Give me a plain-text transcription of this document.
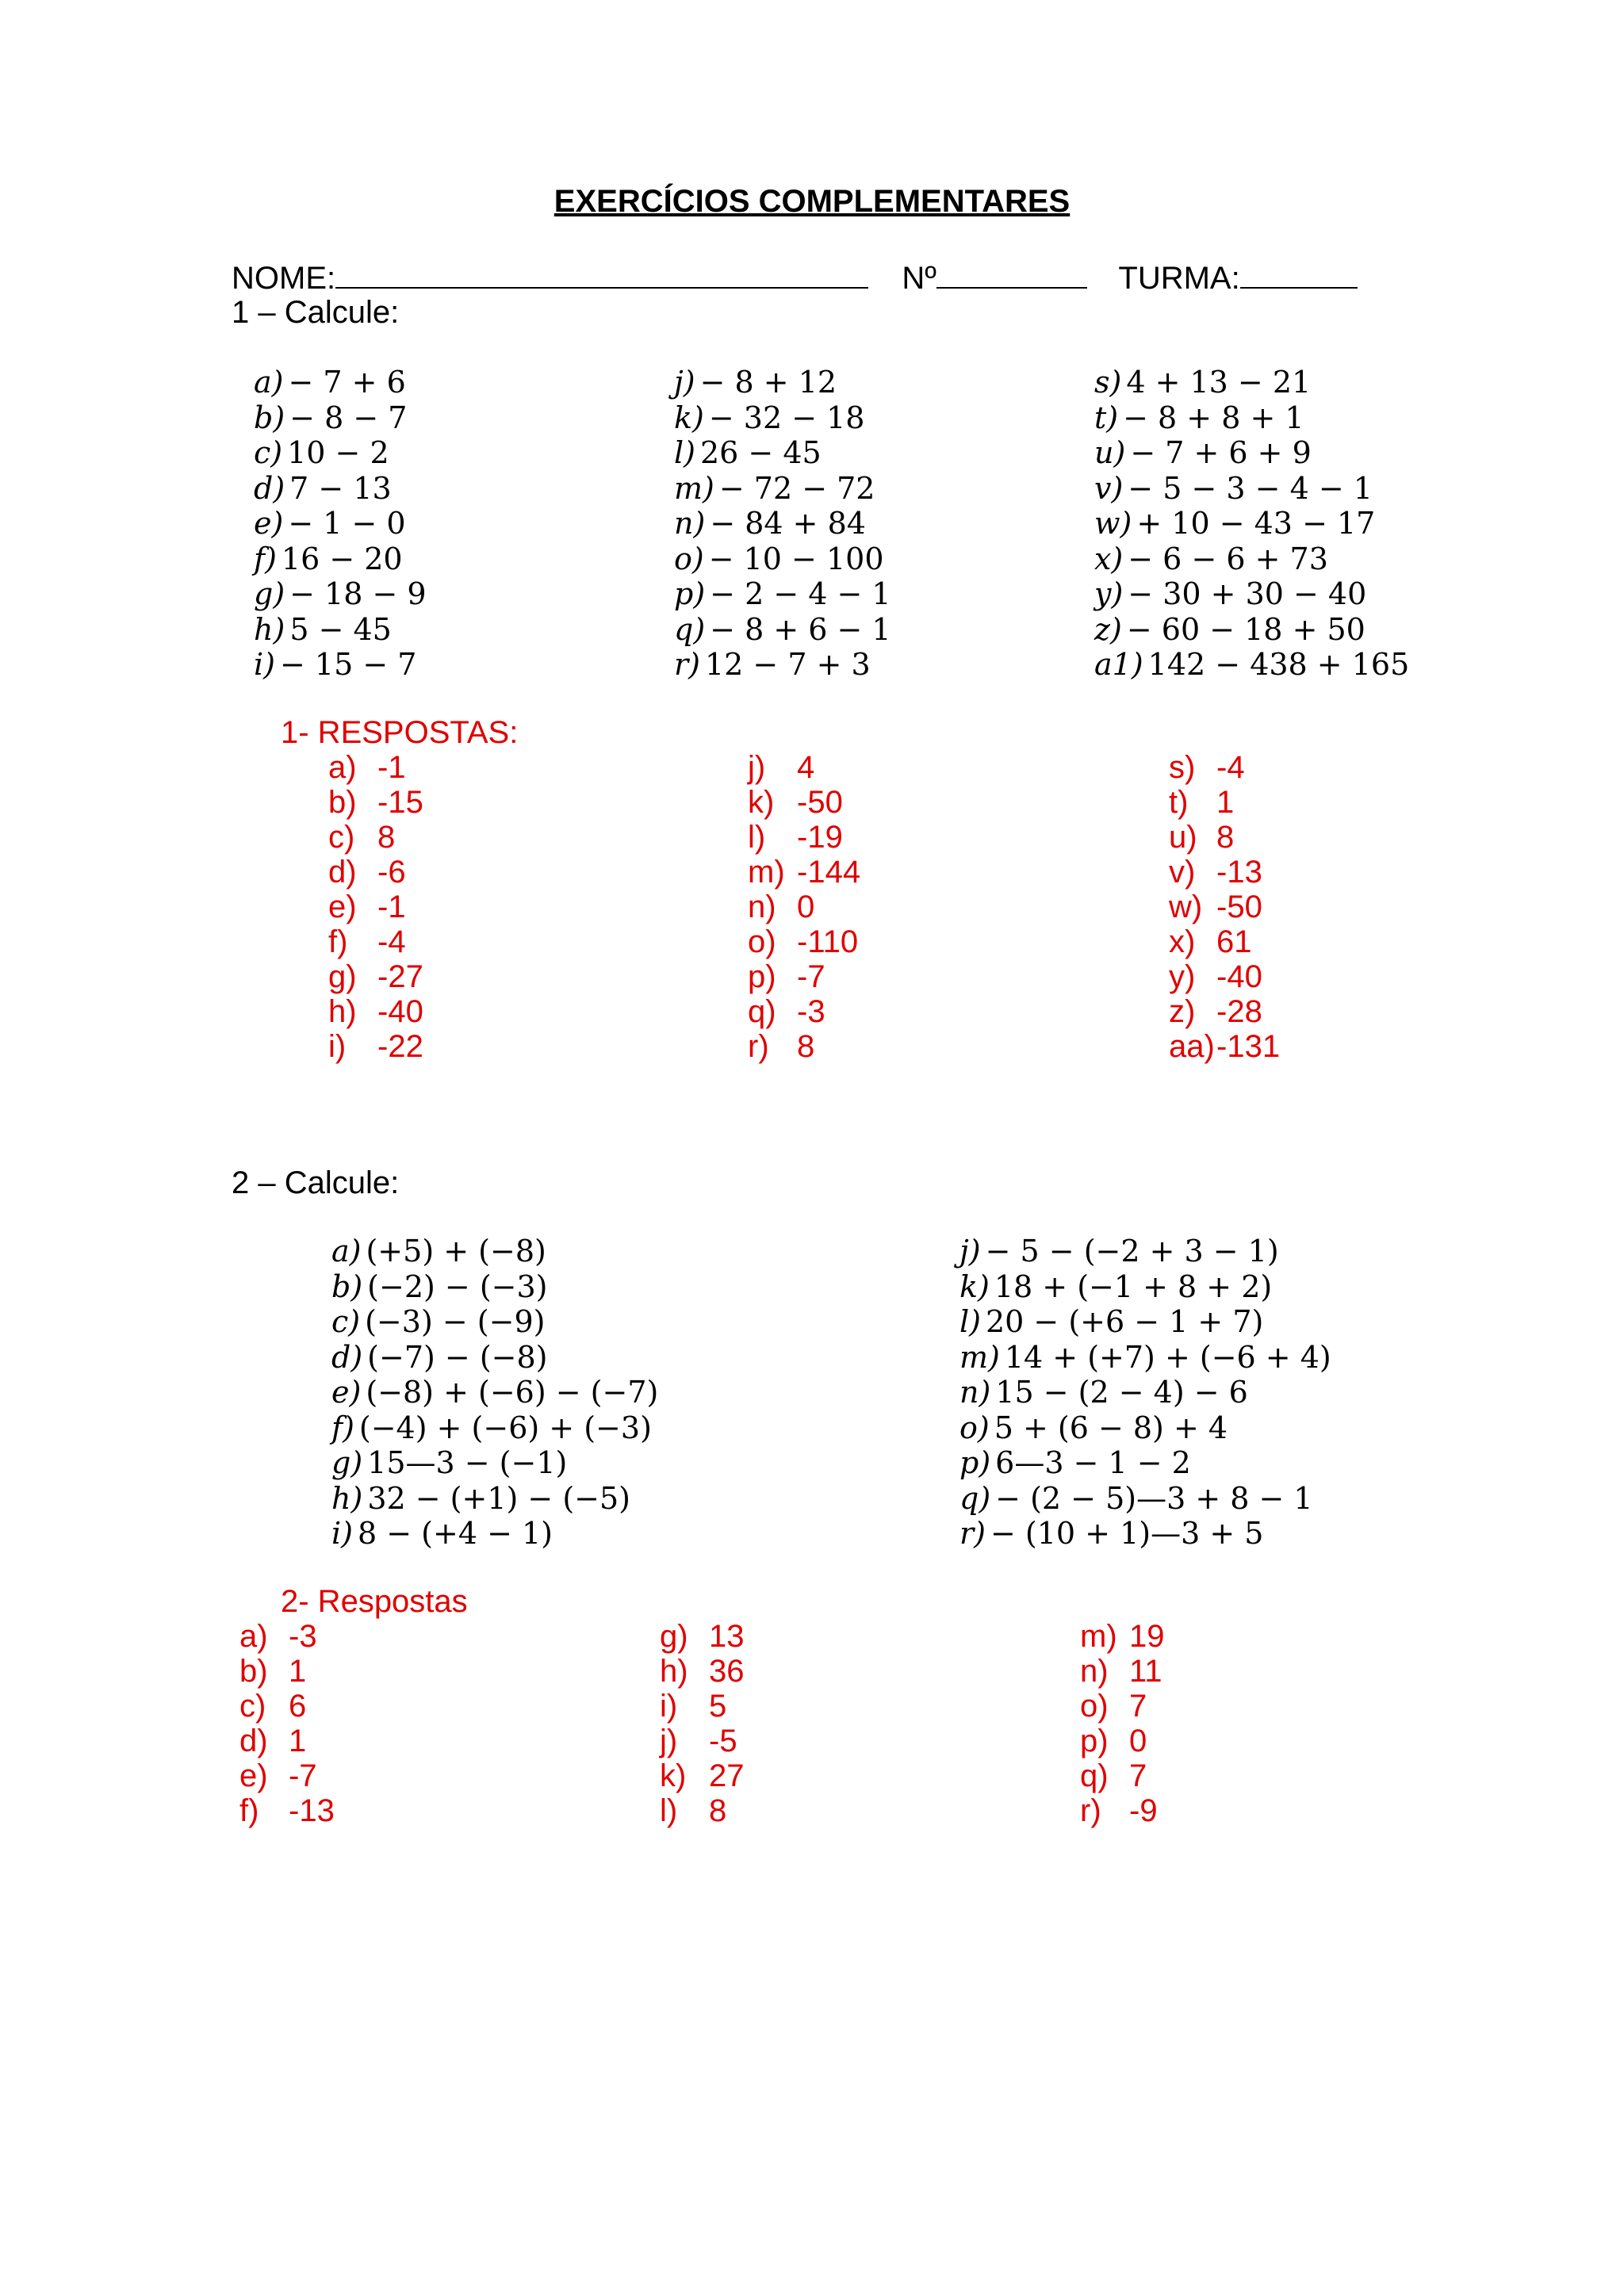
EXERCÍCIOS COMPLEMENTARES
NOME:	Nº	TURMA:
1 – Calcule:
a) − 7 + 6
b) − 8 − 7
c) 10 − 2
d) 7 − 13
e) − 1 − 0
f) 16 − 20
g) − 18 − 9
h) 5 − 45
i) − 15 − 7
j) − 8 + 12
k) − 32 − 18
l) 26 − 45
m) − 72 − 72
n) − 84 + 84
o) − 10 − 100
p) − 2 − 4 − 1
q) − 8 + 6 − 1
r) 12 − 7 + 3
s) 4 + 13 − 21
t) − 8 + 8 + 1
u) − 7 + 6 + 9
v) − 5 − 3 − 4 − 1
w) + 10 − 43 − 17
x) − 6 − 6 + 73
y) − 30 + 30 − 40
z) − 60 − 18 + 50
a1) 142 − 438 + 165
1- RESPOSTAS:
a) -1
b) -15
c) 8
d) -6
e) -1
f) -4
g) -27
h) -40
i) -22
j) 4
k) -50
l) -19
m) -144
n) 0
o) -110
p) -7
q) -3
r) 8
s) -4
t) 1
u) 8
v) -13
w) -50
x) 61
y) -40
z) -28
aa) -131
2 – Calcule:
a) (+5) + (−8)
b) (−2) − (−3)
c) (−3) − (−9)
d) (−7) − (−8)
e) (−8) + (−6) − (−7)
f) (−4) + (−6) + (−3)
g) 15—3 − (−1)
h) 32 − (+1) − (−5)
i) 8 − (+4 − 1)
j) − 5 − (−2 + 3 − 1)
k) 18 + (−1 + 8 + 2)
l) 20 − (+6 − 1 + 7)
m) 14 + (+7) + (−6 + 4)
n) 15 − (2 − 4) − 6
o) 5 + (6 − 8) + 4
p) 6—3 − 1 − 2
q) − (2 − 5)—3 + 8 − 1
r) − (10 + 1)—3 + 5
2- Respostas
a) -3
b) 1
c) 6
d) 1
e) -7
f) -13
g) 13
h) 36
i) 5
j) -5
k) 27
l) 8
m) 19
n) 11
o) 7
p) 0
q) 7
r) -9
